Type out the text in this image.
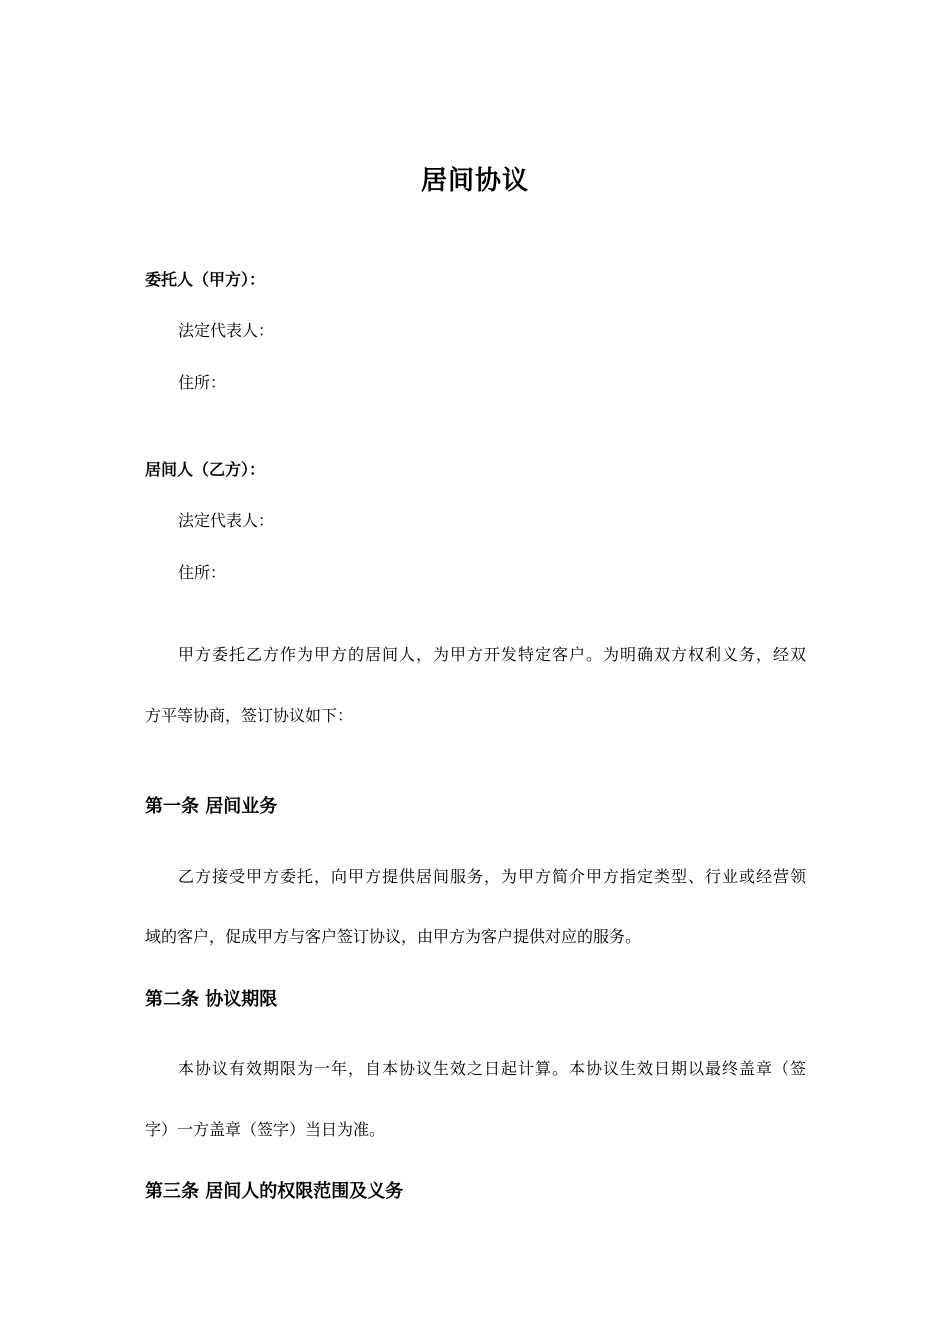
居间协议
委托人（甲方）：
法定代表人：
住所：
居间人（乙方）：
法定代表人：
住所：
甲方委托乙方作为甲方的居间人，为甲方开发特定客户。为明确双方权利义务，经双
方平等协商，签订协议如下：
第一条 居间业务
乙方接受甲方委托，向甲方提供居间服务，为甲方简介甲方指定类型、行业或经营领
域的客户，促成甲方与客户签订协议，由甲方为客户提供对应的服务。
第二条 协议期限
本协议有效期限为一年，自本协议生效之日起计算。本协议生效日期以最终盖章（签
字）一方盖章（签字）当日为准。
第三条 居间人的权限范围及义务
